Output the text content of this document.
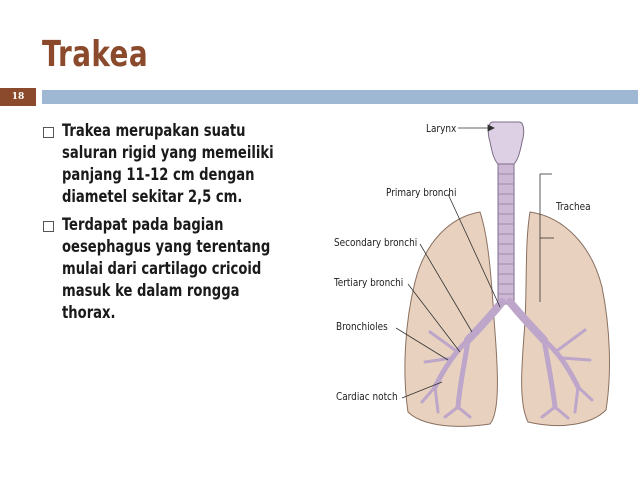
Trakea
18
Trakea merupakan suatu saluran rigid yang memeiliki panjang 11-12 cm dengan diametel sekitar 2,5 cm.
Terdapat pada bagian oesephagus yang terentang mulai dari cartilago cricoid masuk ke dalam rongga thorax.
Larynx
Primary bronchi
Trachea
Secondary bronchi
Tertiary bronchi
Bronchioles
Cardiac notch
